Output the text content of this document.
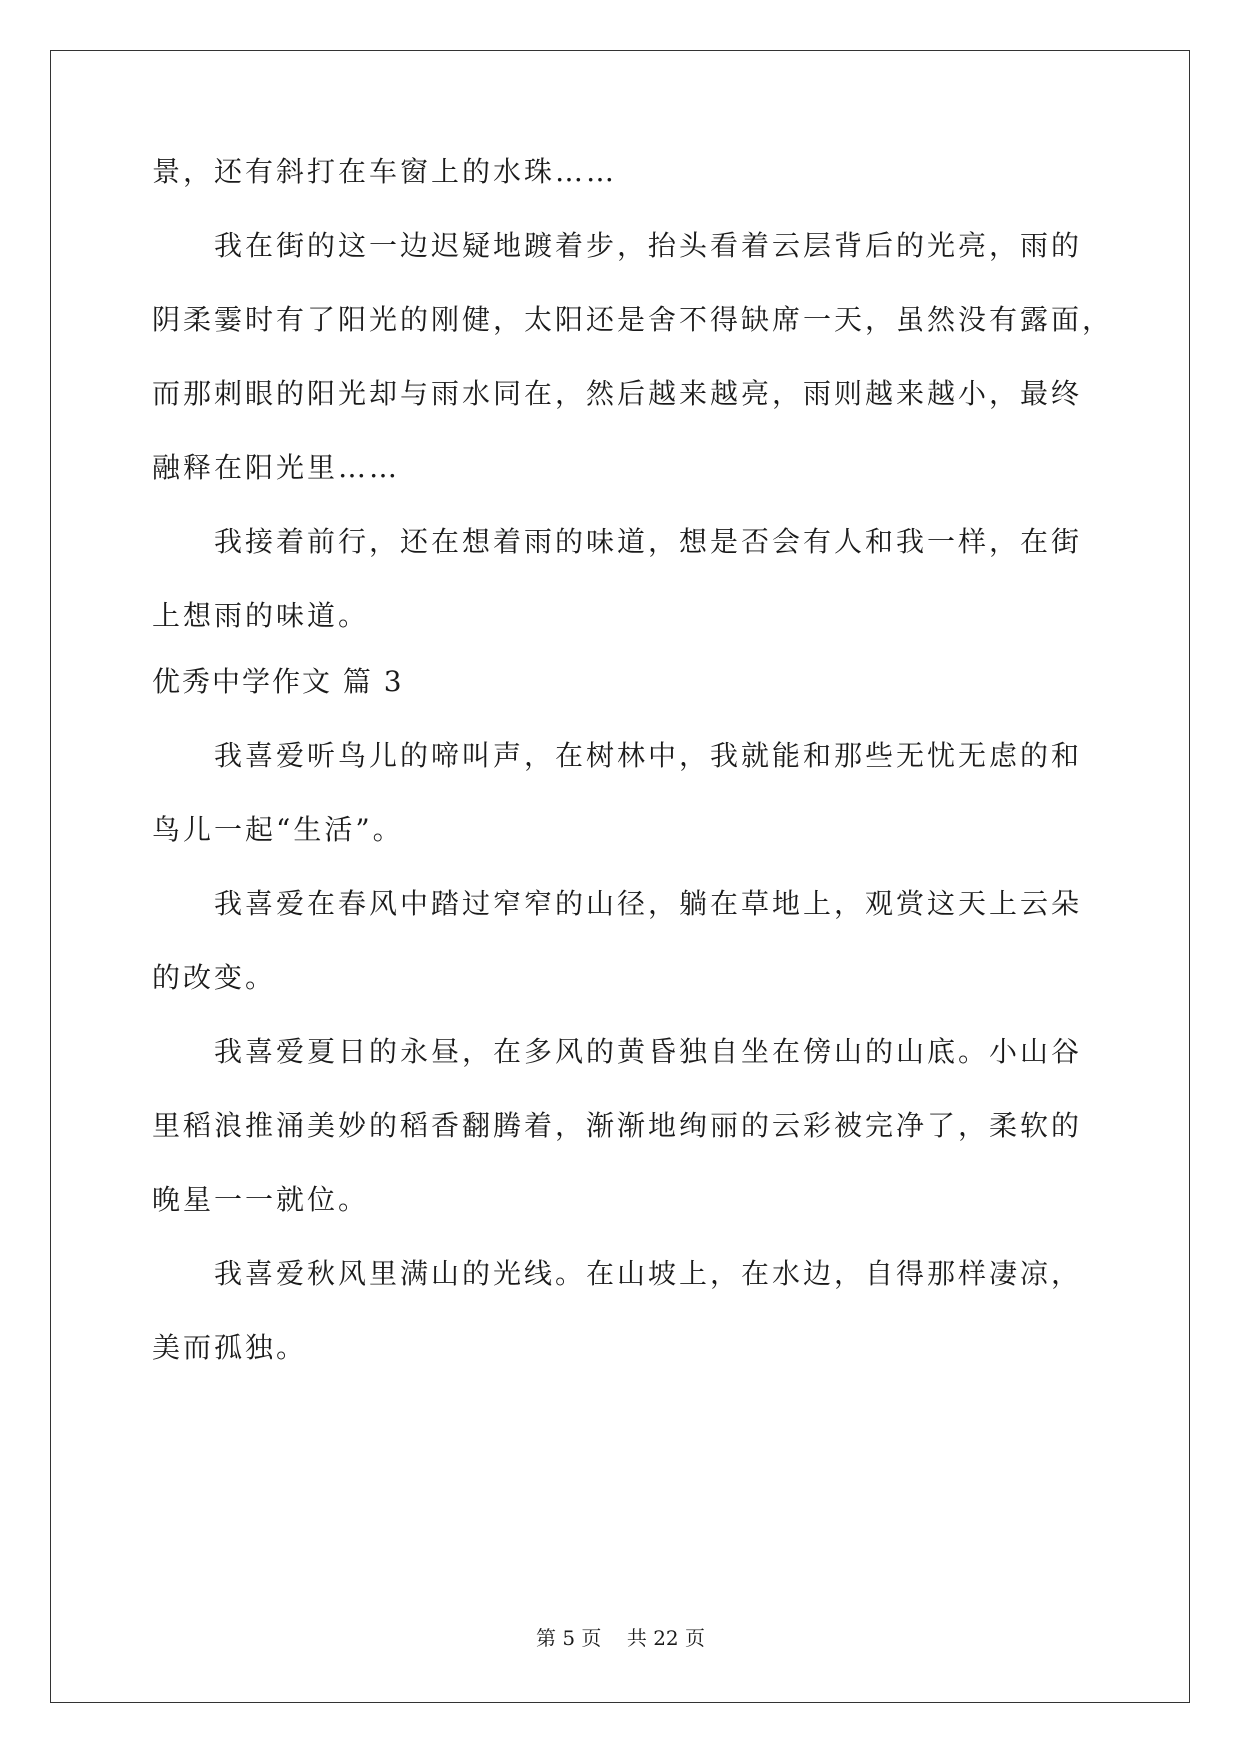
景，还有斜打在车窗上的水珠……
我在街的这一边迟疑地踱着步，抬头看着云层背后的光亮，雨的
阴柔霎时有了阳光的刚健，太阳还是舍不得缺席一天，虽然没有露面，
而那刺眼的阳光却与雨水同在，然后越来越亮，雨则越来越小，最终
融释在阳光里……
我接着前行，还在想着雨的味道，想是否会有人和我一样，在街
上想雨的味道。
优秀中学作文 篇 3
我喜爱听鸟儿的啼叫声，在树林中，我就能和那些无忧无虑的和
鸟儿一起“生活”。
我喜爱在春风中踏过窄窄的山径，躺在草地上，观赏这天上云朵
的改变。
我喜爱夏日的永昼，在多风的黄昏独自坐在傍山的山底。小山谷
里稻浪推涌美妙的稻香翻腾着，渐渐地绚丽的云彩被完净了，柔软的
晚星一一就位。
我喜爱秋风里满山的光线。在山坡上，在水边，自得那样凄凉，
美而孤独。
第 5 页    共 22 页
